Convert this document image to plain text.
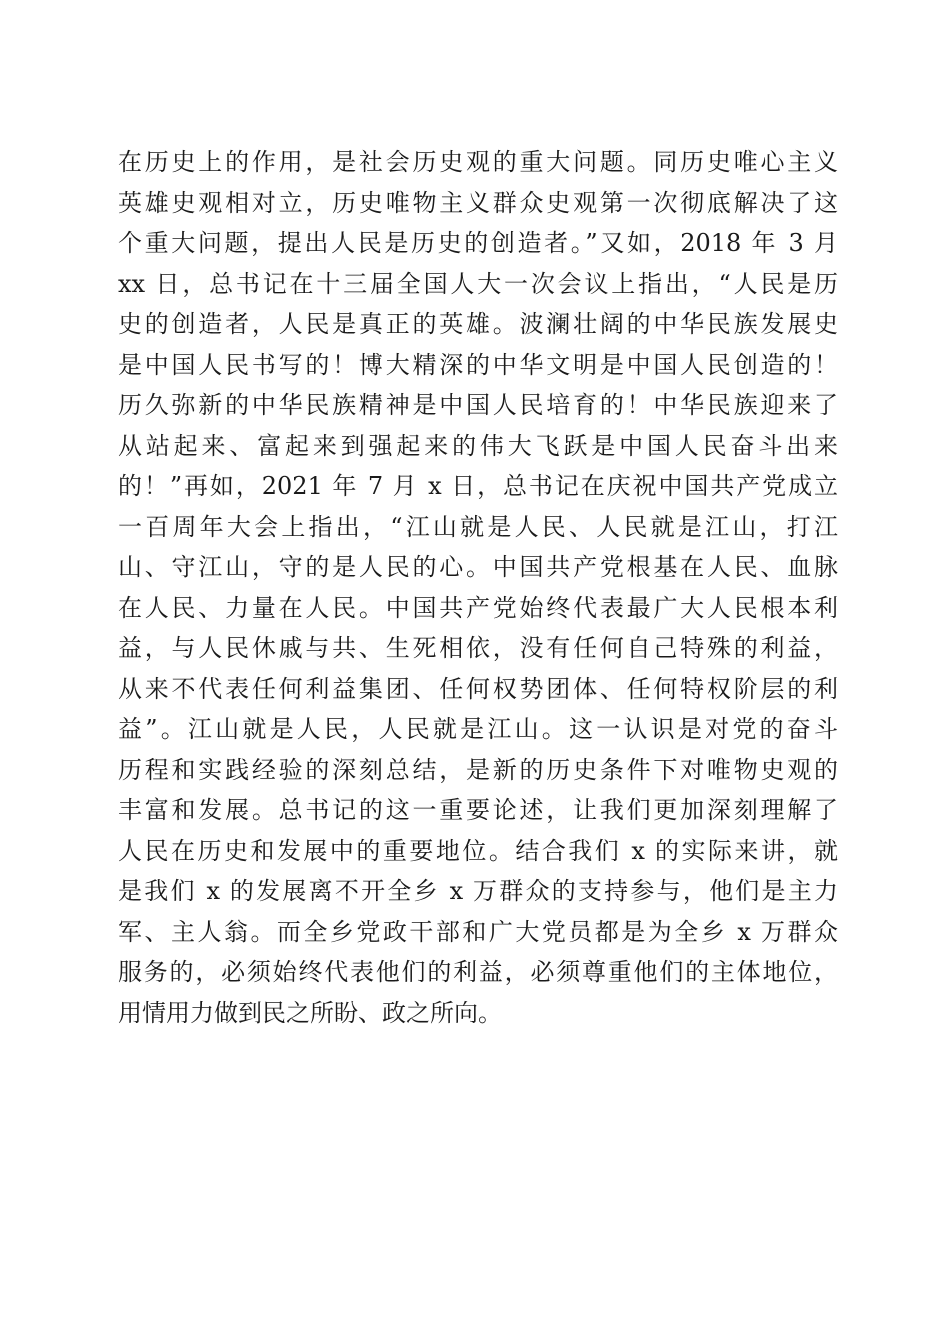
在历史上的作用，是社会历史观的重大问题。同历史唯心主义
英雄史观相对立，历史唯物主义群众史观第一次彻底解决了这
个重大问题，提出人民是历史的创造者。”又如，2018 年 3 月
xx 日，总书记在十三届全国人大一次会议上指出，“人民是历
史的创造者，人民是真正的英雄。波澜壮阔的中华民族发展史
是中国人民书写的！博大精深的中华文明是中国人民创造的！
历久弥新的中华民族精神是中国人民培育的！中华民族迎来了
从站起来、富起来到强起来的伟大飞跃是中国人民奋斗出来
的！”再如，2021 年 7 月 x 日，总书记在庆祝中国共产党成立
一百周年大会上指出，“江山就是人民、人民就是江山，打江
山、守江山，守的是人民的心。中国共产党根基在人民、血脉
在人民、力量在人民。中国共产党始终代表最广大人民根本利
益，与人民休戚与共、生死相依，没有任何自己特殊的利益，
从来不代表任何利益集团、任何权势团体、任何特权阶层的利
益”。江山就是人民，人民就是江山。这一认识是对党的奋斗
历程和实践经验的深刻总结，是新的历史条件下对唯物史观的
丰富和发展。总书记的这一重要论述，让我们更加深刻理解了
人民在历史和发展中的重要地位。结合我们 x 的实际来讲，就
是我们 x 的发展离不开全乡 x 万群众的支持参与，他们是主力
军、主人翁。而全乡党政干部和广大党员都是为全乡 x 万群众
服务的，必须始终代表他们的利益，必须尊重他们的主体地位，
用情用力做到民之所盼、政之所向。
